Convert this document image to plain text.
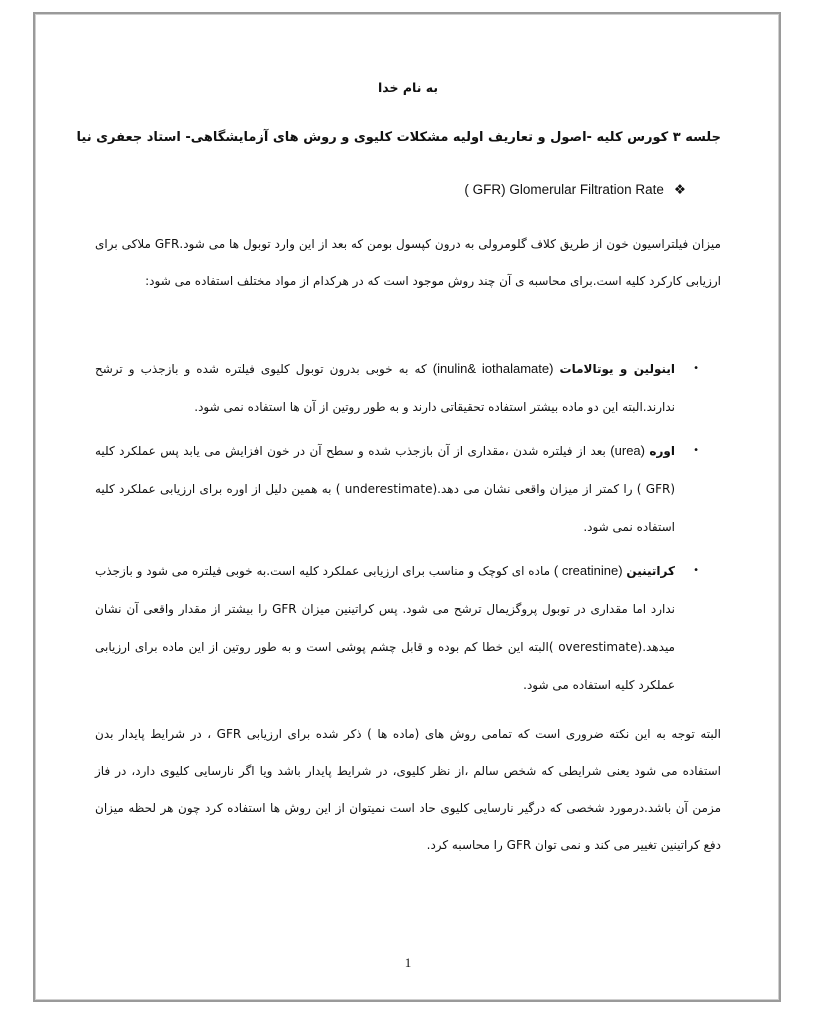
به نام خدا
جلسه ۳ کورس کلیه -اصول و تعاریف اولیه مشکلات کلیوی و روش های آزمایشگاهی- استاد جعفری نیا
( GFR) Glomerular Filtration Rate ❖
میزان فیلتراسیون خون از طریق کلاف گلومرولی به درون کپسول بومن که بعد از این وارد توبول ها می شود.GFR ملاکی برای ارزیابی کارکرد کلیه است.برای محاسبه ی آن چند روش موجود است که در هرکدام از مواد مختلف استفاده می شود:
•
اینولین و یوتالامات (inulin& iothalamate) که به خوبی بدرون توبول کلیوی فیلتره شده و بازجذب و ترشح ندارند.البته این دو ماده بیشتر استفاده تحقیقاتی دارند و به طور روتین از آن ها استفاده نمی شود.
•
اوره (urea) بعد از فیلتره شدن ،مقداری از آن بازجذب شده و سطح آن در خون افزایش می یابد پس عملکرد کلیه (GFR ) را کمتر از میزان واقعی نشان می دهد.(underestimate ) به همین دلیل از اوره برای ارزیابی عملکرد کلیه استفاده نمی شود.
•
کراتینین (creatinine ) ماده ای کوچک و مناسب برای ارزیابی عملکرد کلیه است.به خوبی فیلتره می شود و بازجذب ندارد اما مقداری در توبول پروگزیمال ترشح می شود. پس کراتینین میزان GFR را بیشتر از مقدار واقعی آن نشان میدهد.(overestimate )البته این خطا کم بوده و قابل چشم پوشی است و به طور روتین از این ماده برای ارزیابی عملکرد کلیه استفاده می شود.
البته توجه به این نکته ضروری است که تمامی روش های (ماده ها ) ذکر شده برای ارزیابی GFR ، در شرایط پایدار بدن استفاده می شود یعنی شرایطی که شخص سالم ،از نظر کلیوی، در شرایط پایدار باشد ویا اگر نارسایی کلیوی دارد، در فاز مزمن آن باشد.درمورد شخصی که درگیر نارسایی کلیوی حاد است نمیتوان از این روش ها استفاده کرد چون هر لحظه میزان دفع کراتینین تغییر می کند و نمی توان GFR را محاسبه کرد.
1
